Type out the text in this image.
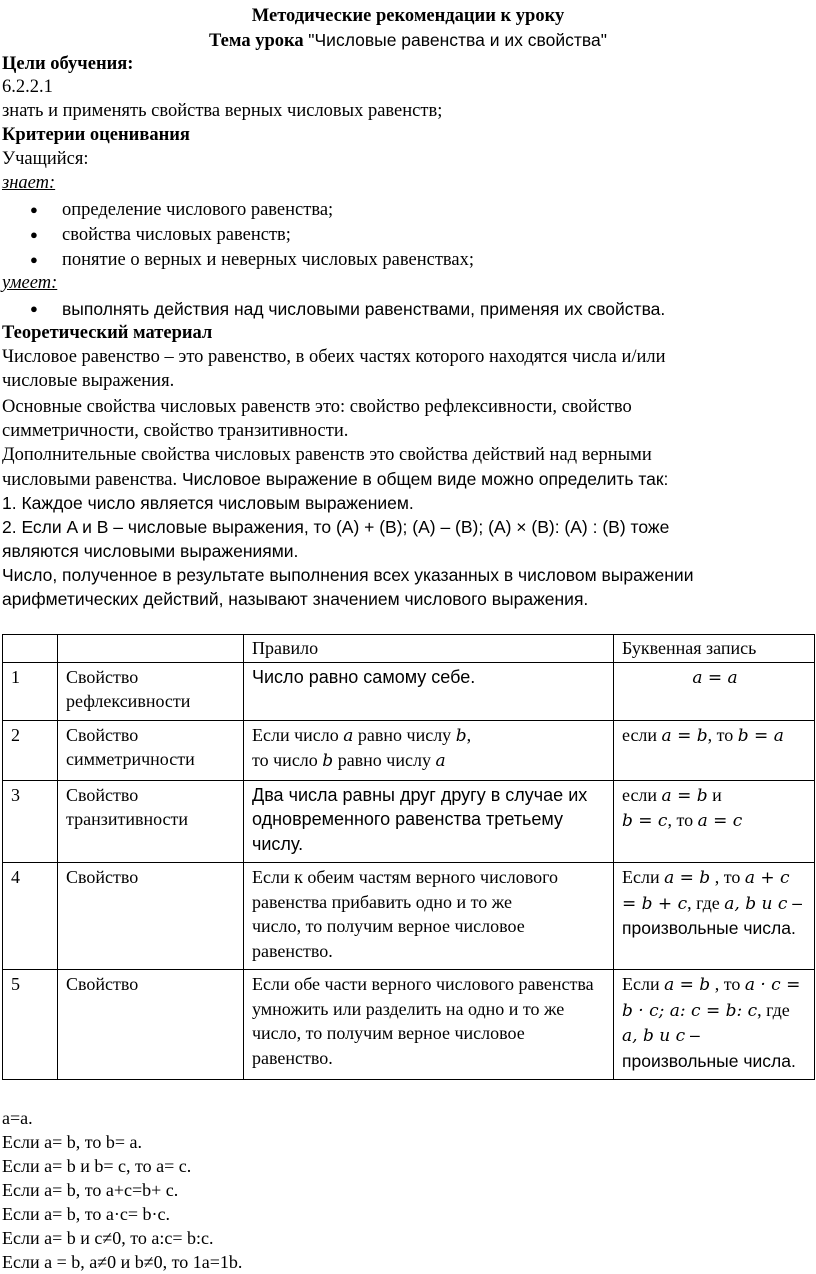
Методические рекомендации к уроку
Тема урока "Числовые равенства и их свойства"
Цели обучения:
6.2.2.1
знать и применять свойства верных числовых равенств;
Критерии оценивания
Учащийся:
знает:
● определение числового равенства;
● свойства числовых равенств;
● понятие о верных и неверных числовых равенствах;
умеет:
● выполнять действия над числовыми равенствами, применяя их свойства.
Теоретический материал
Числовое равенство – это равенство, в обеих частях которого находятся числа и/или
числовые выражения.
Основные свойства числовых равенств это: свойство рефлексивности, свойство
симметричности, свойство транзитивности.
Дополнительные свойства числовых равенств это свойства действий над верными
числовыми равенства. Числовое выражение в общем виде можно определить так:
1. Каждое число является числовым выражением.
2. Если A и B – числовые выражения, то (A) + (B); (A) – (B); (A) × (B): (A) : (B) тоже
являются числовыми выражениями.
Число, полученное в результате выполнения всех указанных в числовом выражении
арифметических действий, называют значением числового выражения.
		Правило	Буквенная запись
1	Свойство рефлексивности	Число равно самому себе.	a = a
2	Свойство симметричности	Если число a равно числу b,
то число b равно числу a	если a = b, то b = a
3	Свойство транзитивности	Два числа равны друг другу в случае их одновременного равенства третьему числу.	если a = b и
b = c, то a = c
4	Свойство	Если к обеим частям верного числового равенства прибавить одно и то же
число, то получим верное числовое равенство.	Если a = b , то a + c = b + c, где a, b и c – произвольные числа.
5	Свойство	Если обе части верного числового равенства умножить или разделить на одно и то же число, то получим верное числовое равенство.	Если a = b , то a · c = b · c; a: c = b: c, где a, b и c – произвольные числа.
a=a.
Если a= b, то b= a.
Если a= b и b= c, то a= c.
Если a= b, то a+c=b+ c.
Если a= b, то a·c= b·c.
Если a= b и c≠0, то a:c= b:c.
Если a = b, a≠0 и b≠0, то 1a=1b.
